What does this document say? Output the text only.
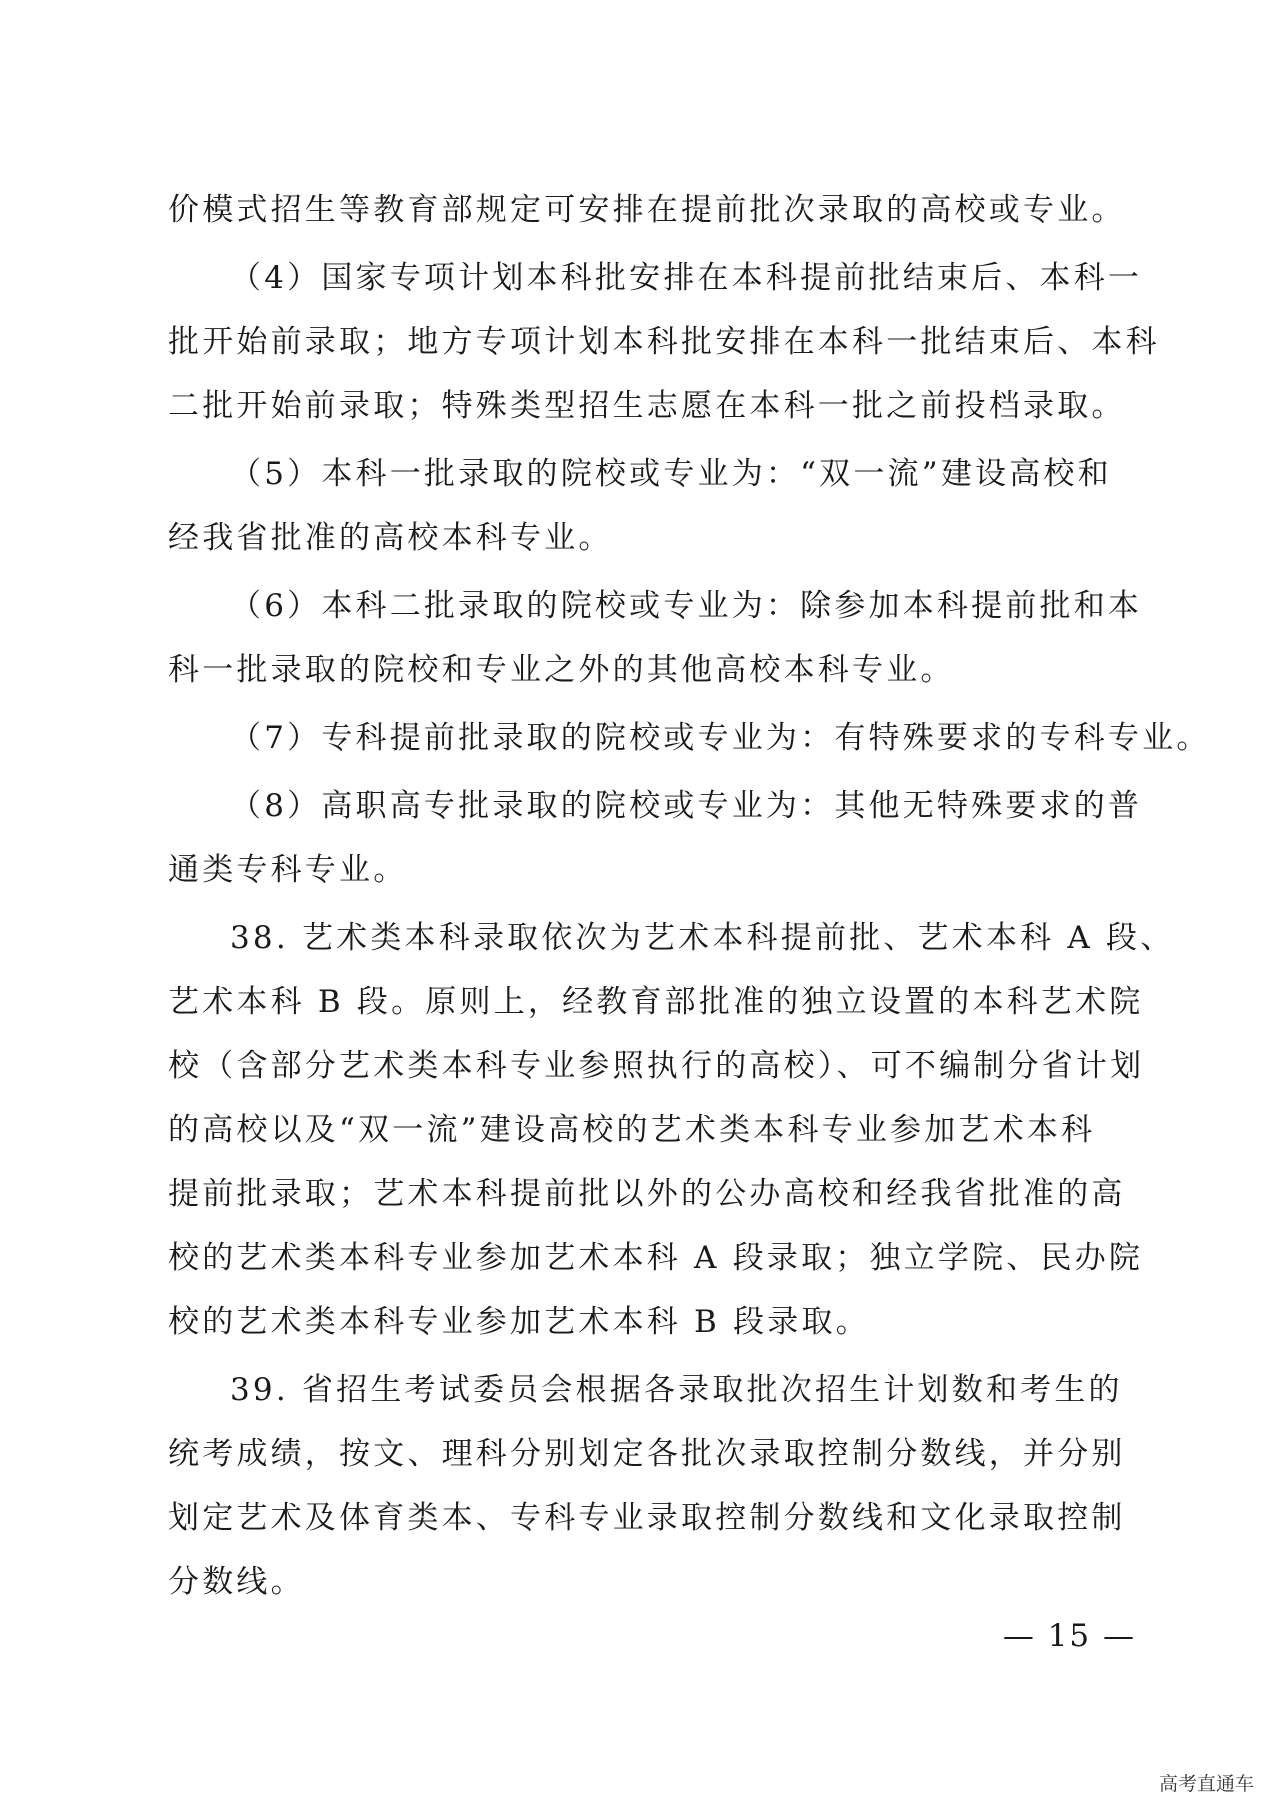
价模式招生等教育部规定可安排在提前批次录取的高校或专业。

（4）国家专项计划本科批安排在本科提前批结束后、本科一
批开始前录取；地方专项计划本科批安排在本科一批结束后、本科
二批开始前录取；特殊类型招生志愿在本科一批之前投档录取。

（5）本科一批录取的院校或专业为：“双一流”建设高校和
经我省批准的高校本科专业。

（6）本科二批录取的院校或专业为：除参加本科提前批和本
科一批录取的院校和专业之外的其他高校本科专业。

（7）专科提前批录取的院校或专业为：有特殊要求的专科专业。

（8）高职高专批录取的院校或专业为：其他无特殊要求的普
通类专科专业。

38. 艺术类本科录取依次为艺术本科提前批、艺术本科 A 段、
艺术本科 B 段。原则上，经教育部批准的独立设置的本科艺术院
校（含部分艺术类本科专业参照执行的高校）、可不编制分省计划
的高校以及“双一流”建设高校的艺术类本科专业参加艺术本科
提前批录取；艺术本科提前批以外的公办高校和经我省批准的高
校的艺术类本科专业参加艺术本科 A 段录取；独立学院、民办院
校的艺术类本科专业参加艺术本科 B 段录取。

39. 省招生考试委员会根据各录取批次招生计划数和考生的
统考成绩，按文、理科分别划定各批次录取控制分数线，并分别
划定艺术及体育类本、专科专业录取控制分数线和文化录取控制
分数线。

— 15 —
高考直通车
